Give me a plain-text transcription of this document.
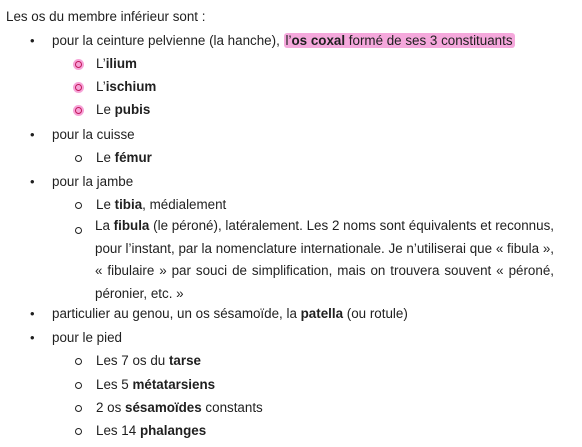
Les os du membre inférieur sont :
• pour la ceinture pelvienne (la hanche), l’os coxal formé de ses 3 constituants
L’ilium
L’ischium
Le pubis
• pour la cuisse
Le fémur
• pour la jambe
Le tibia, médialement
La fibula (le péroné), latéralement. Les 2 noms sont équivalents et reconnus, pour l’instant, par la nomenclature internationale. Je n’utiliserai que « fibula », « fibulaire » par souci de simplification, mais on trouvera souvent « péroné, péronier, etc. »
• particulier au genou, un os sésamoïde, la patella (ou rotule)
• pour le pied
Les 7 os du tarse
Les 5 métatarsiens
2 os sésamoïdes constants
Les 14 phalanges
